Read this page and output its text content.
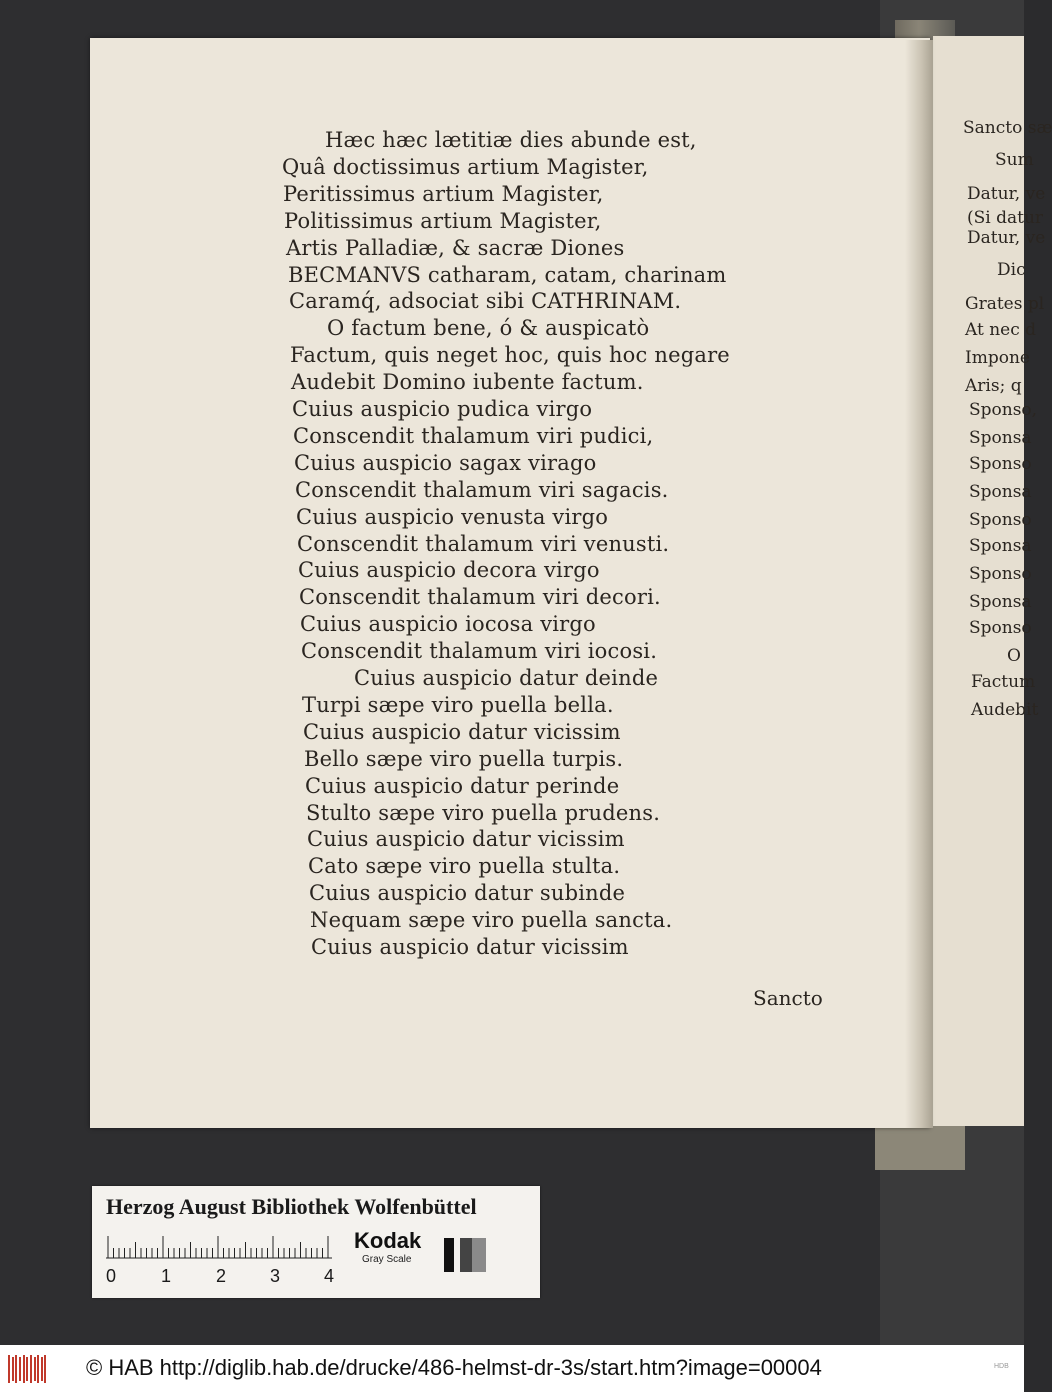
Sancto sæ
Sum
Datur, ve
(Si datur
Datur, ve
Dic
Grates pl
At nec d
Impone
Aris; q
Sponso,
Sponsa
Sponso
Sponsa
Sponso
Sponsa
Sponso
Sponsa
Sponso
O
Factum
Audebit
Hæc hæc lætitiæ dies abunde est,
Quâ doctissimus artium Magister,
Peritissimus artium Magister,
Politissimus artium Magister,
Artis Palladiæ, & sacræ Diones
BECMANVS catharam, catam, charinam
Caramq́, adsociat sibi CATHRINAM.
O factum bene, ó & auspicatò
Factum, quis neget hoc, quis hoc negare
Audebit Domino iubente factum.
Cuius auspicio pudica virgo
Conscendit thalamum viri pudici,
Cuius auspicio sagax virago
Conscendit thalamum viri sagacis.
Cuius auspicio venusta virgo
Conscendit thalamum viri venusti.
Cuius auspicio decora virgo
Conscendit thalamum viri decori.
Cuius auspicio iocosa virgo
Conscendit thalamum viri iocosi.
Cuius auspicio datur deinde
Turpi sæpe viro puella bella.
Cuius auspicio datur vicissim
Bello sæpe viro puella turpis.
Cuius auspicio datur perinde
Stulto sæpe viro puella prudens.
Cuius auspicio datur vicissim
Cato sæpe viro puella stulta.
Cuius auspicio datur subinde
Nequam sæpe viro puella sancta.
Cuius auspicio datur vicissim
Sancto
Herzog August Bibliothek Wolfenbüttel
0 1 2 3 4
Kodak
Gray Scale
© HAB http://diglib.hab.de/drucke/486-helmst-dr-3s/start.htm?image=00004	HDB
